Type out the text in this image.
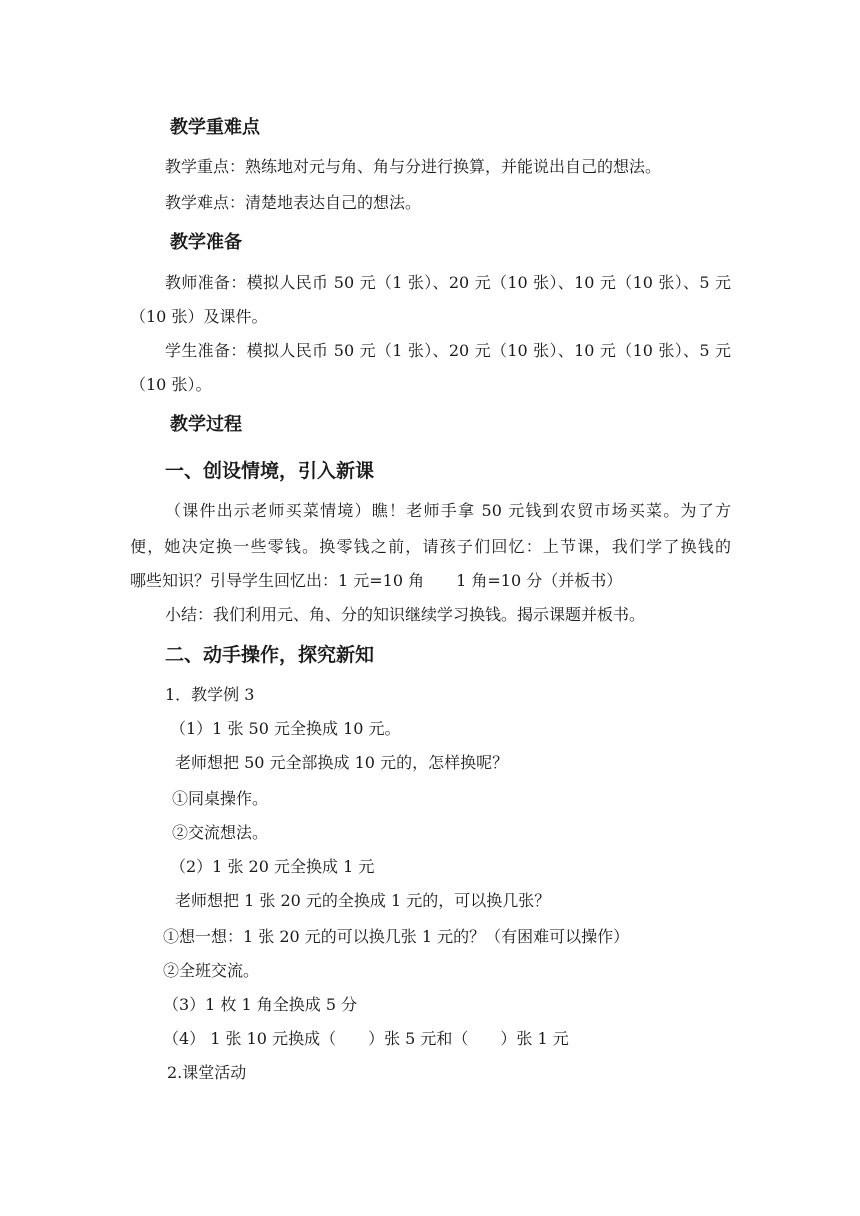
教学重难点
教学重点：熟练地对元与角、角与分进行换算，并能说出自己的想法。
教学难点：清楚地表达自己的想法。
教学准备
教师准备：模拟人民币 50 元（1 张）、20 元（10 张）、10 元（10 张）、5 元
（10 张）及课件。
学生准备：模拟人民币 50 元（1 张）、20 元（10 张）、10 元（10 张）、5 元
（10 张）。
教学过程
一、创设情境，引入新课
（课件出示老师买菜情境）瞧！老师手拿 50 元钱到农贸市场买菜。为了方
便，她决定换一些零钱。换零钱之前，请孩子们回忆：上节课，我们学了换钱的
哪些知识？引导学生回忆出：1 元=10 角　　1 角=10 分（并板书）
小结：我们利用元、角、分的知识继续学习换钱。揭示课题并板书。
二、动手操作，探究新知
1．教学例 3
（1）1 张 50 元全换成 10 元。
老师想把 50 元全部换成 10 元的，怎样换呢？
①同桌操作。
②交流想法。
（2）1 张 20 元全换成 1 元
老师想把 1 张 20 元的全换成 1 元的，可以换几张？
①想一想：1 张 20 元的可以换几张 1 元的？（有困难可以操作）
②全班交流。
（3）1 枚 1 角全换成 5 分
（4） 1 张 10 元换成（　　）张 5 元和（　　）张 1 元
2.课堂活动
